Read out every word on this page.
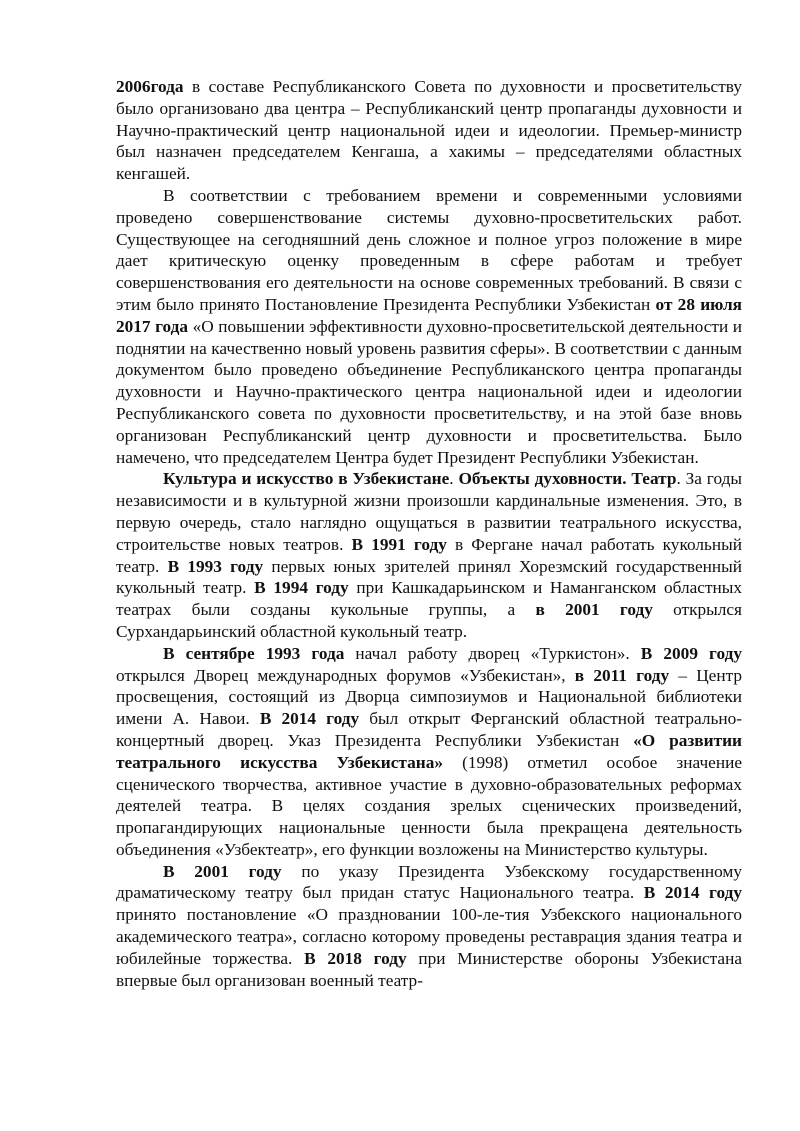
2006года в составе Республиканского Совета по духовности и просветительству было организовано два центра – Республиканский центр пропаганды духовности и Научно-практический центр национальной идеи и идеологии. Премьер-министр был назначен председателем Кенгаша, а хакимы – председателями областных кенгашей.

В соответствии с требованием времени и современными условиями проведено совершенствование системы духовно-просветительских работ. Существующее на сегодняшний день сложное и полное угроз положение в мире дает критическую оценку проведенным в сфере работам и требует совершенствования его деятельности на основе современных требований. В связи с этим было принято Постановление Президента Республики Узбекистан от 28 июля 2017 года «О повышении эффективности духовно-просветительской деятельности и поднятии на качественно новый уровень развития сферы». В соответствии с данным документом было проведено объединение Республиканского центра пропаганды духовности и Научно-практического центра национальной идеи и идеологии Республиканского совета по духовности просветительству, и на этой базе вновь организован Республиканский центр духовности и просветительства. Было намечено, что председателем Центра будет Президент Республики Узбекистан.

Культура и искусство в Узбекистане. Объекты духовности. Театр. За годы независимости и в культурной жизни произошли кардинальные изменения. Это, в первую очередь, стало наглядно ощущаться в развитии театрального искусства, строительстве новых театров. В 1991 году в Фергане начал работать кукольный театр. В 1993 году первых юных зрителей принял Хорезмский государственный кукольный театр. В 1994 году при Кашкадарьинском и Наманганском областных театрах были созданы кукольные группы, а в 2001 году открылся Сурхандарьинский областной кукольный театр.

В сентябре 1993 года начал работу дворец «Туркистон». В 2009 году открылся Дворец международных форумов «Узбекистан», в 2011 году – Центр просвещения, состоящий из Дворца симпозиумов и Национальной библиотеки имени А. Навои. В 2014 году был открыт Ферганский областной театрально-концертный дворец. Указ Президента Республики Узбекистан «О развитии театрального искусства Узбекистана» (1998) отметил особое значение сценического творчества, активное участие в духовно-образовательных реформах деятелей театра. В целях создания зрелых сценических произведений, пропагандирующих национальные ценности была прекращена деятельность объединения «Узбектеатр», его функции возложены на Министерство культуры.

В 2001 году по указу Президента Узбекскому государственному драматическому театру был придан статус Национального театра. В 2014 году принято постановление «О праздновании 100-ле-тия Узбекского национального академического театра», согласно которому проведены реставрация здания театра и юбилейные торжества. В 2018 году при Министерстве обороны Узбекистана впервые был организован военный театр-
